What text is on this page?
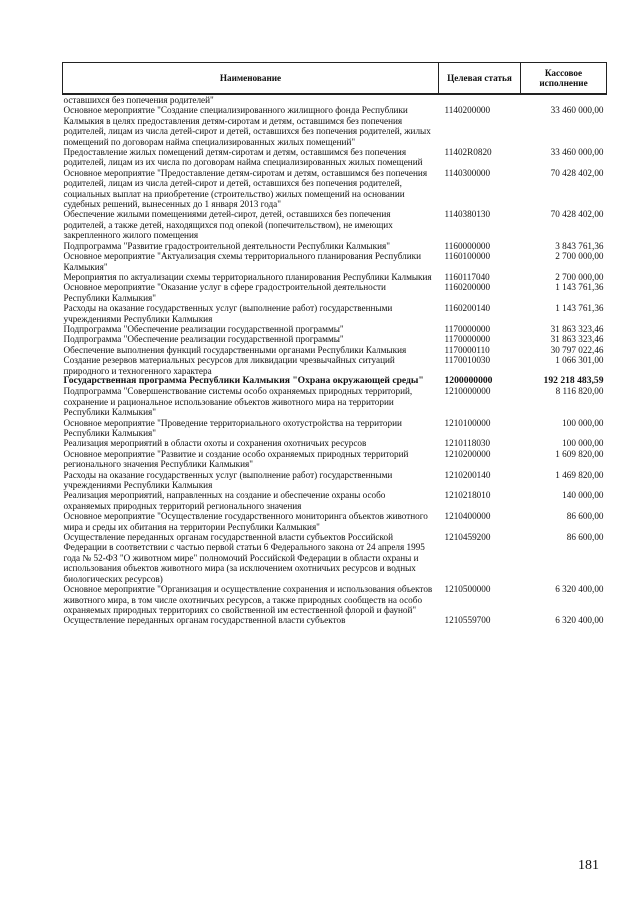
Наименование	Целевая статья	Кассовое исполнение
оставшихся без попечения родителей"		
Основное мероприятие "Создание специализированного жилищного фонда Республики Калмыкия в целях предоставления детям-сиротам и детям, оставшимся без попечения родителей, лицам из числа детей-сирот и детей, оставшихся без попечения родителей, жилых помещений по договорам найма специализированных жилых помещений"	1140200000	33 460 000,00
Предоставление жилых помещений детям-сиротам и детям, оставшимся без попечения родителей, лицам из их числа по договорам найма специализированных жилых помещений	11402R0820	33 460 000,00
Основное мероприятие "Предоставление детям-сиротам и детям, оставшимся без попечения родителей, лицам из числа детей-сирот и детей, оставшихся без попечения родителей, социальных выплат на приобретение (строительство) жилых помещений на основании судебных решений, вынесенных до 1 января 2013 года"	1140300000	70 428 402,00
Обеспечение жилыми помещениями детей-сирот, детей, оставшихся без попечения родителей, а также детей, находящихся под опекой (попечительством), не имеющих закрепленного жилого помещения	1140380130	70 428 402,00
Подпрограмма "Развитие градостроительной деятельности Республики Калмыкия"	1160000000	3 843 761,36
Основное мероприятие "Актуализация схемы территориального планирования Республики Калмыкия"	1160100000	2 700 000,00
Мероприятия по актуализации схемы территориального планирования Республики Калмыкия	1160117040	2 700 000,00
Основное мероприятие "Оказание услуг в сфере градостроительной деятельности Республики Калмыкия"	1160200000	1 143 761,36
Расходы на оказание государственных услуг (выполнение работ) государственными учреждениями Республики Калмыкия	1160200140	1 143 761,36
Подпрограмма "Обеспечение реализации государственной программы"	1170000000	31 863 323,46
Подпрограмма "Обеспечение реализации государственной программы"	1170000000	31 863 323,46
Обеспечение выполнения функций государственными органами Республики Калмыкия	1170000110	30 797 022,46
Создание резервов материальных ресурсов для ликвидации чрезвычайных ситуаций природного и техногенного характера	1170010030	1 066 301,00
Государственная программа Республики Калмыкия "Охрана окружающей среды"	1200000000	192 218 483,59
Подпрограмма "Совершенствование системы особо охраняемых природных территорий, сохранение и рациональное использование объектов животного мира на территории Республики Калмыкия"	1210000000	8 116 820,00
Основное мероприятие "Проведение территориального охотустройства на территории Республики Калмыкия"	1210100000	100 000,00
Реализация мероприятий в области охоты и сохранения охотничьих ресурсов	1210118030	100 000,00
Основное мероприятие "Развитие и создание особо охраняемых природных территорий регионального значения Республики Калмыкия"	1210200000	1 609 820,00
Расходы на оказание государственных услуг (выполнение работ) государственными учреждениями Республики Калмыкия	1210200140	1 469 820,00
Реализация мероприятий, направленных на создание и обеспечение охраны особо охраняемых природных территорий регионального значения	1210218010	140 000,00
Основное мероприятие "Осуществление государственного мониторинга объектов животного мира и среды их обитания на территории Республики Калмыкия"	1210400000	86 600,00
Осуществление переданных органам государственной власти субъектов Российской Федерации в соответствии с частью первой статьи 6 Федерального закона от 24 апреля 1995 года № 52-ФЗ "О животном мире" полномочий Российской Федерации в области охраны и использования объектов животного мира (за исключением охотничьих ресурсов и водных биологических ресурсов)	1210459200	86 600,00
Основное мероприятие "Организация и осуществление сохранения и использования объектов животного мира, в том числе охотничьих ресурсов, а также природных сообществ на особо охраняемых природных территориях со свойственной им естественной флорой и фауной"	1210500000	6 320 400,00
Осуществление переданных органам государственной власти субъектов	1210559700	6 320 400,00
181
